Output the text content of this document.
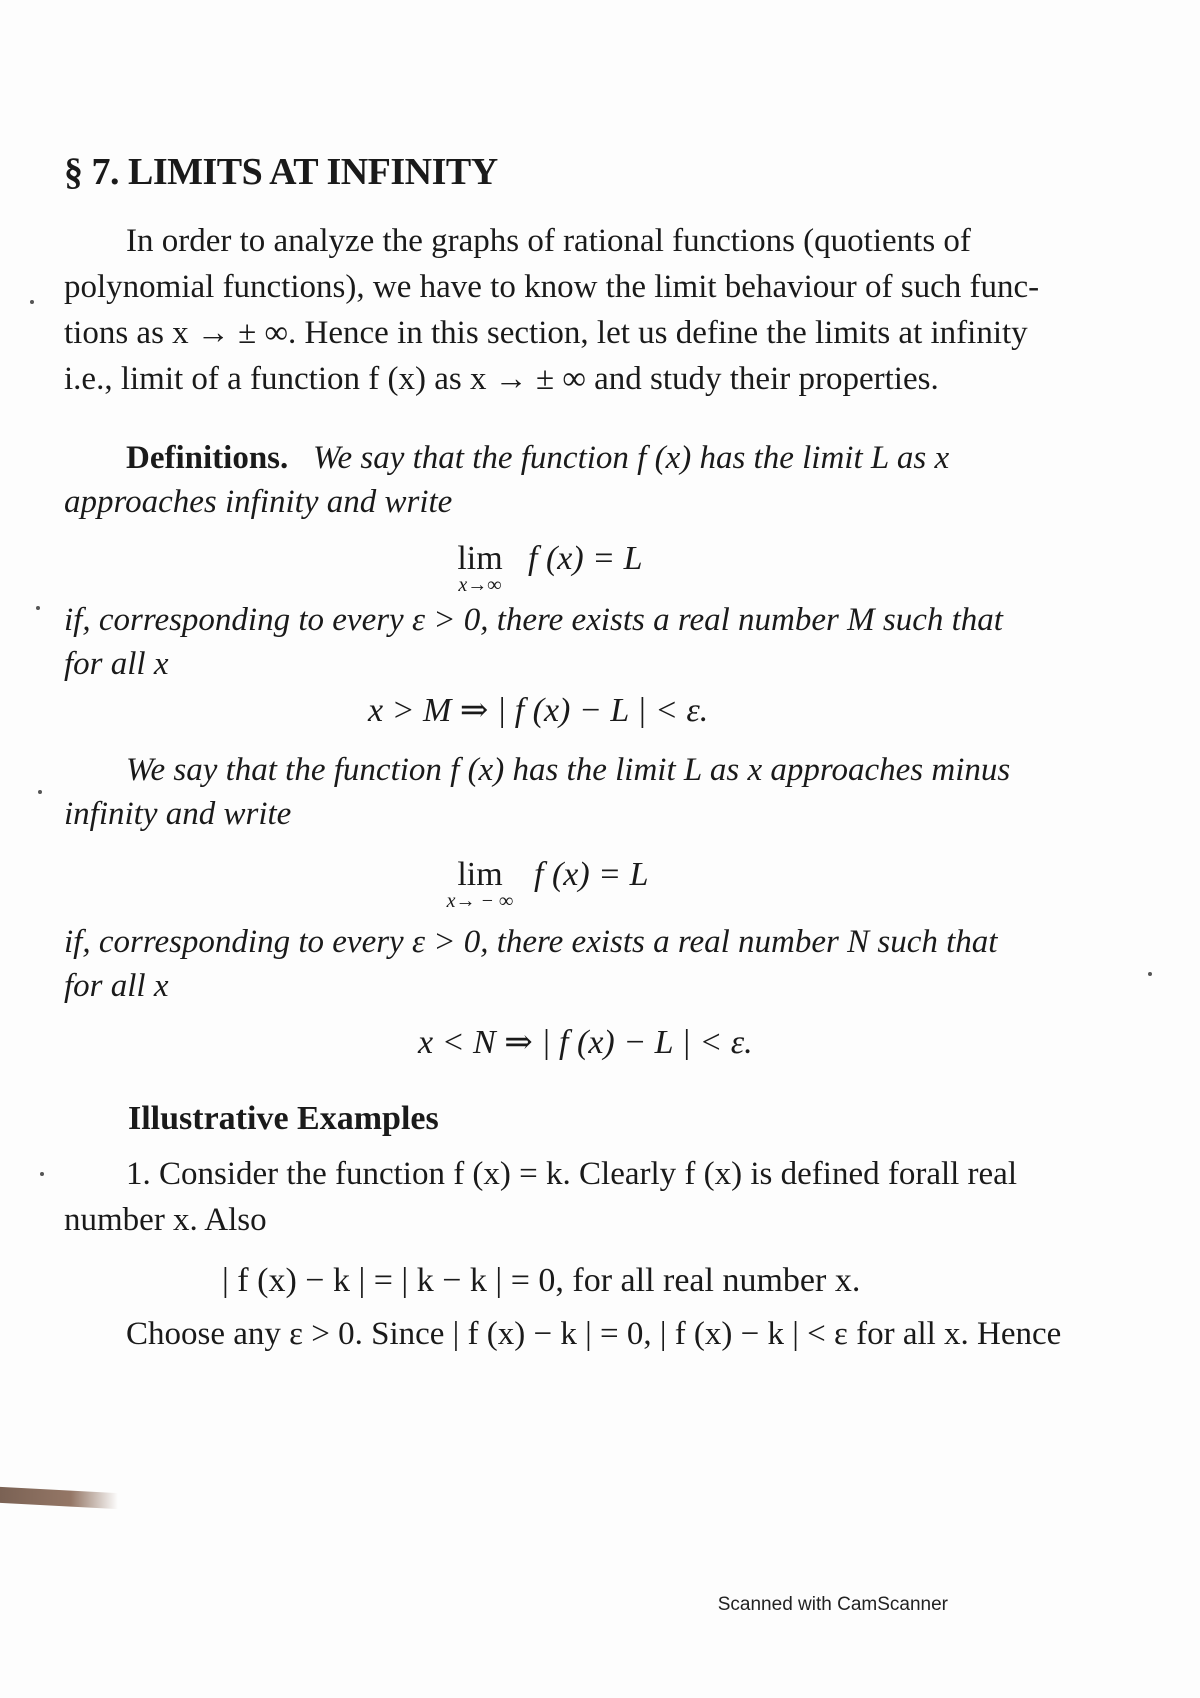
§ 7. LIMITS AT INFINITY
In order to analyze the graphs of rational functions (quotients of
polynomial functions), we have to know the limit behaviour of such func-
tions as x → ± ∞. Hence in this section, let us define the limits at infinity
i.e., limit of a function f (x) as x → ± ∞ and study their properties.
Definitions. We say that the function f (x) has the limit L as x
approaches infinity and write
lim
x→∞
f (x) = L
if, corresponding to every ε > 0, there exists a real number M such that
for all x
x > M ⇒ | f (x) − L | < ε.
We say that the function f (x) has the limit L as x approaches minus
infinity and write
lim
x→ − ∞
f (x) = L
if, corresponding to every ε > 0, there exists a real number N such that
for all x
x < N ⇒ | f (x) − L | < ε.
Illustrative Examples
1. Consider the function f (x) = k. Clearly f (x) is defined forall real
number x. Also
| f (x) − k | = | k − k | = 0, for all real number x.
Choose any ε > 0. Since | f (x) − k | = 0, | f (x) − k | < ε for all x. Hence
Scanned with CamScanner
